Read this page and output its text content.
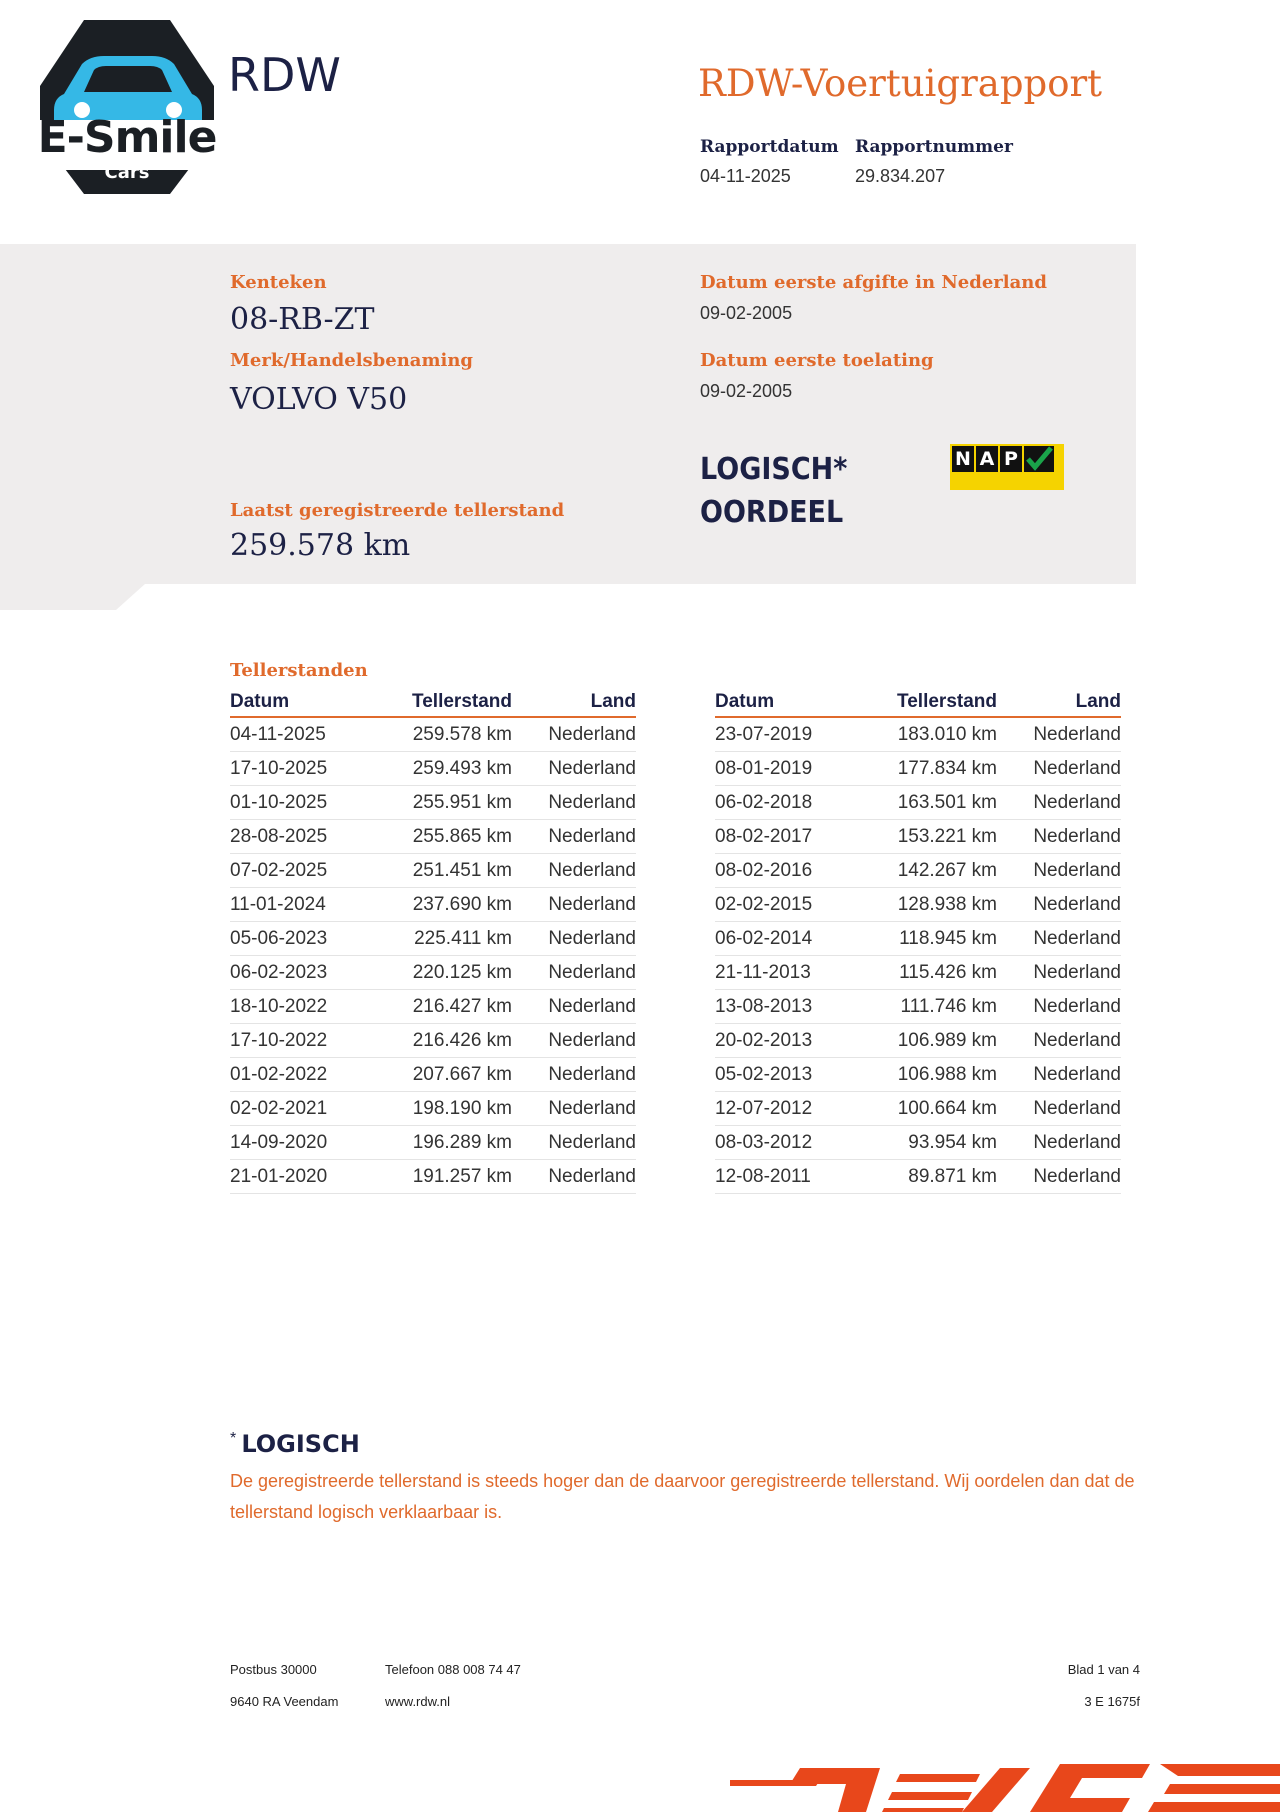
E-Smile
Cars
RDW	RDW-Voertuigrapport
Rapportdatum
04-11-2025
Rapportnummer
29.834.207
Kenteken
08-RB-ZT
Merk/Handelsbenaming
VOLVO V50
Laatst geregistreerde tellerstand
259.578 km
Datum eerste afgifte in Nederland
09-02-2005
Datum eerste toelating
09-02-2005
LOGISCH*
OORDEEL
N A P
Tellerstanden
Datum	Tellerstand	Land
04-11-2025	259.578 km	Nederland
17-10-2025	259.493 km	Nederland
01-10-2025	255.951 km	Nederland
28-08-2025	255.865 km	Nederland
07-02-2025	251.451 km	Nederland
11-01-2024	237.690 km	Nederland
05-06-2023	225.411 km	Nederland
06-02-2023	220.125 km	Nederland
18-10-2022	216.427 km	Nederland
17-10-2022	216.426 km	Nederland
01-02-2022	207.667 km	Nederland
02-02-2021	198.190 km	Nederland
14-09-2020	196.289 km	Nederland
21-01-2020	191.257 km	Nederland
Datum	Tellerstand	Land
23-07-2019	183.010 km	Nederland
08-01-2019	177.834 km	Nederland
06-02-2018	163.501 km	Nederland
08-02-2017	153.221 km	Nederland
08-02-2016	142.267 km	Nederland
02-02-2015	128.938 km	Nederland
06-02-2014	118.945 km	Nederland
21-11-2013	115.426 km	Nederland
13-08-2013	111.746 km	Nederland
20-02-2013	106.989 km	Nederland
05-02-2013	106.988 km	Nederland
12-07-2012	100.664 km	Nederland
08-03-2012	93.954 km	Nederland
12-08-2011	89.871 km	Nederland
* LOGISCH
De geregistreerde tellerstand is steeds hoger dan de daarvoor geregistreerde tellerstand. Wij oordelen dan dat de tellerstand logisch verklaarbaar is.
Postbus 30000
9640 RA Veendam
Telefoon 088 008 74 47
www.rdw.nl
Blad 1 van 4
3 E 1675f
